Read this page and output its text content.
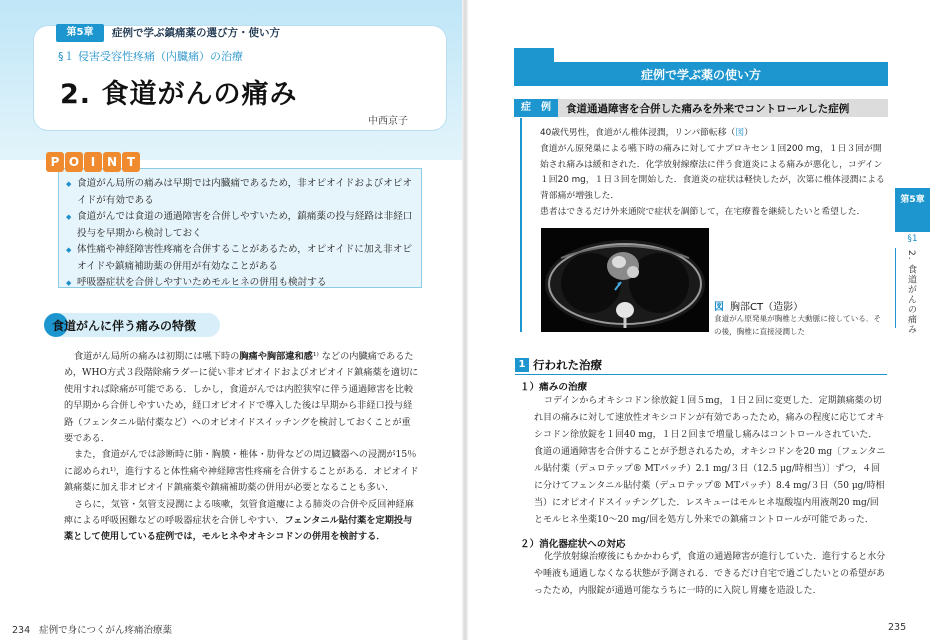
第5章	症例で学ぶ鎮痛薬の選び方・使い方
§１ 侵害受容性疼痛（内臓痛）の治療
2. 食道がんの痛み
中西京子
P O I N T
◆ 食道がん局所の痛みは早期では内臓痛であるため，非オピオイドおよびオピオイドが有効である
◆ 食道がんでは食道の通過障害を合併しやすいため，鎮痛薬の投与経路は非経口投与を早期から検討しておく
◆ 体性痛や神経障害性疼痛を合併することがあるため，オピオイドに加え非オピオイドや鎮痛補助薬の併用が有効なことがある
◆ 呼吸器症状を合併しやすいためモルヒネの併用も検討する
食道がんに伴う痛みの特徴

食道がん局所の痛みは初期には嚥下時の胸痛や胸部違和感¹⁾ などの内臓痛であるため，WHO方式３段階除痛ラダーに従い非オピオイドおよびオピオイド鎮痛薬を適切に使用すれば除痛が可能である．しかし，食道がんでは内腔狭窄に伴う通過障害を比較的早期から合併しやすいため，経口オピオイドで導入した後は早期から非経口投与経路（フェンタニル貼付薬など）へのオピオイドスイッチングを検討しておくことが重要である．

また，食道がんでは診断時に肺・胸膜・椎体・肋骨などの周辺臓器への浸潤が15％に認められ¹⁾，進行すると体性痛や神経障害性疼痛を合併することがある．オピオイド鎮痛薬に加え非オピオイド鎮痛薬や鎮痛補助薬の併用が必要となることも多い．

さらに，気管・気管支浸潤による咳嗽，気管食道瘻による肺炎の合併や反回神経麻痺による呼吸困難などの呼吸器症状を合併しやすい．フェンタニル貼付薬を定期投与薬として使用している症例では，モルヒネやオキシコドンの併用を検討する．

234 症例で身につくがん疼痛治療薬
症例で学ぶ薬の使い方
症　例	食道通過障害を合併した痛みを外来でコントロールした症例

40歳代男性，食道がん椎体浸潤，リンパ節転移（図）

食道がん原発巣による嚥下時の痛みに対してナプロキセン１回200 mg，１日３回が開始され痛みは緩和された．化学放射線療法に伴う食道炎による痛みが悪化し，コデイン１回20 mg，１日３回を開始した．食道炎の症状は軽快したが，次第に椎体浸潤による背部痛が増強した．

患者はできるだけ外来通院で症状を調節して，在宅療養を継続したいと希望した．

図 胸部CT（造影）
食道がん原発巣が胸椎と大動脈に接している．その後，胸椎に直接浸潤した
第5章
§1
2. 食道がんの痛み
1 行われた治療
１）痛みの治療

コデインからオキシコドン徐放錠１回５mg，１日２回に変更した．定期鎮痛薬の切れ目の痛みに対して速放性オキシコドンが有効であったため，痛みの程度に応じてオキシコドン徐放錠を１回40 mg，１日２回まで増量し痛みはコントロールされていた．食道の通過障害を合併することが予想されるため，オキシコドンを20 mg〔フェンタニル貼付薬（デュロテップ® MTパッチ）2.1 mg/３日（12.5 μg/時相当）〕ずつ，４回に分けてフェンタニル貼付薬（デュロテップ® MTパッチ）8.4 mg/３日（50 μg/時相当）にオピオイドスイッチングした．レスキューはモルヒネ塩酸塩内用液剤20 mg/回とモルヒネ坐薬10～20 mg/回を処方し外来での鎮痛コントロールが可能であった．

２）消化器症状への対応

化学放射線治療後にもかかわらず，食道の通過障害が進行していた．進行すると水分や唾液も通過しなくなる状態が予測される．できるだけ自宅で過ごしたいとの希望があったため，内服錠が通過可能なうちに一時的に入院し胃瘻を造設した．

235
